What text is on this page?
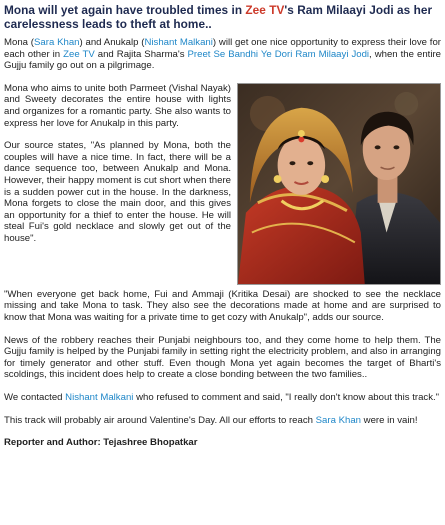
Mona will yet again have troubled times in Zee TV's Ram Milaayi Jodi as her carelessness leads to theft at home..

Mona (Sara Khan) and Anukalp (Nishant Malkani) will get one nice opportunity to express their love for each other in Zee TV and Rajita Sharma's Preet Se Bandhi Ye Dori Ram Milaayi Jodi, when the entire Gujju family go out on a pilgrimage.

Mona who aims to unite both Parmeet (Vishal Nayak) and Sweety decorates the entire house with lights and organizes for a romantic party. She also wants to express her love for Anukalp in this party.

Our source states, "As planned by Mona, both the couples will have a nice time. In fact, there will be a dance sequence too, between Anukalp and Mona. However, their happy moment is cut short when there is a sudden power cut in the house. In the darkness, Mona forgets to close the main door, and this gives an opportunity for a thief to enter the house. He will steal Fui's gold necklace and slowly get out of the house".

"When everyone get back home, Fui and Ammaji (Kritika Desai) are shocked to see the necklace missing and take Mona to task. They also see the decorations made at home and are surprised to know that Mona was waiting for a private time to get cozy with Anukalp", adds our source.

News of the robbery reaches their Punjabi neighbours too, and they come home to help them. The Gujju family is helped by the Punjabi family in setting right the electricity problem, and also in arranging for timely generator and other stuff. Even though Mona yet again becomes the target of Bharti's scoldings, this incident does help to create a close bonding between the two families..

We contacted Nishant Malkani who refused to comment and said, "I really don't know about this track."

This track will probably air around Valentine's Day. All our efforts to reach Sara Khan were in vain!

Reporter and Author: Tejashree Bhopatkar
